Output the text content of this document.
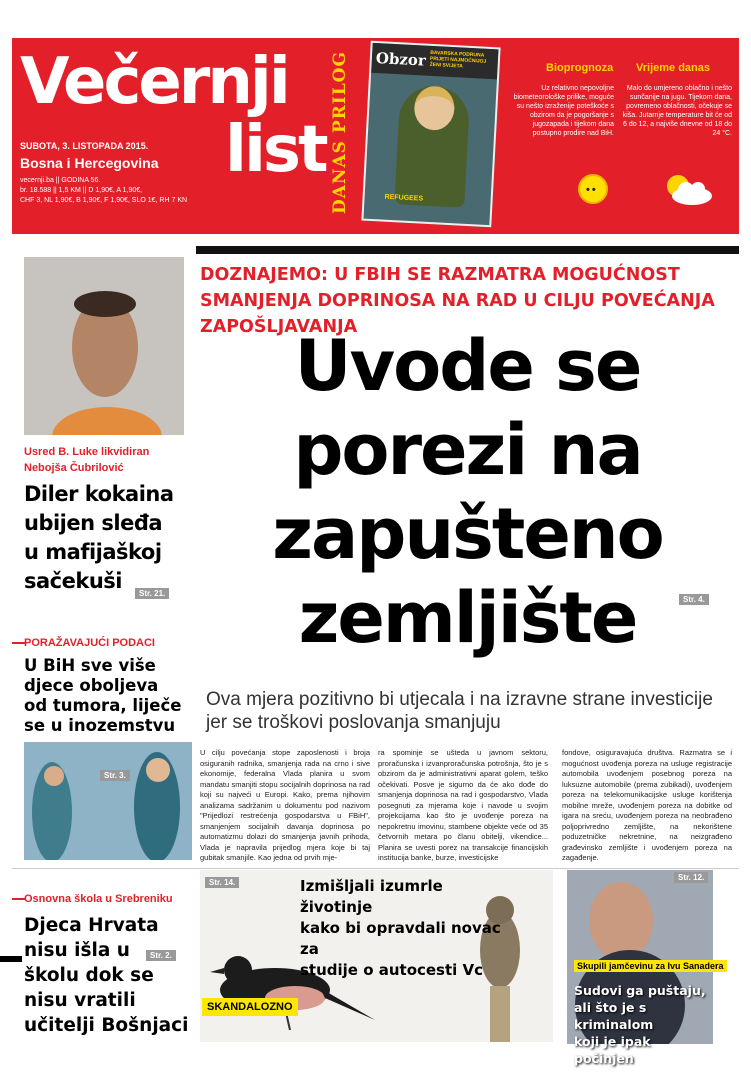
Večernji
list
SUBOTA, 3. LISTOPADA 2015.
Bosna i Hercegovina
vecernji.ba || GODINA 56.
br. 18.588 || 1,5 KM || D 1,90€, A 1,90€,
CHF 3, NL 1,90€, B 1,90€, F 1,90€, SLO 1€, RH 7 KN	DANAS PRILOG Obzor BAVARSKA PODRUNA PRIJETI NAJMOĆNIJOJ ŽENI SVIJETA
REFUGEES
Bioprognoza
Uz relativno nepovoljne biometeorološke prilike, moguće su nešto izraženije poteškoće s obzirom da je pogoršanje s jugozapada i tijekom dana postupno prodire nad BiH.
Vrijeme danas
Malo do umjereno oblačno i nešto sunčanije na jugu. Tijekom dana, povremeno oblačnosti, očekuje se kiša. Jutarnje temperature bit će od 6 do 12, a najviše dnevne od 18 do 24 °C.
••
DOZNAJEMO: U FBIH SE RAZMATRA MOGUĆNOST SMANJENJA DOPRINOSA NA RAD U CILJU POVEĆANJA ZAPOŠLJAVANJA
Uvode se
porezi na
zapušteno
zemljište	Str. 4.
Ova mjera pozitivno bi utjecala i na izravne strane investicije jer se troškovi poslovanja smanjuju
U cilju povećanja stope zaposlenosti i broja osiguranih radnika, smanjenja rada na crno i sive ekonomije, federalna Vlada planira u svom mandatu smanjiti stopu socijalnih doprinosa na rad koji su najveći u Europi. Kako, prema njihovim analizama sadržanim u dokumentu pod nazivom "Prijedlozi restrećenja gospodarstva u FBiH", smanjenjem socijalnih davanja doprinosa po automatizmu dolazi do smanjenja javnih prihoda, Vlada je napravila prijedlog mjera koje bi taj gubitak smanjile. Kao jedna od prvih mje-
ra spominje se ušteda u javnom sektoru, proračunska i izvanproračunska potrošnja, što je s obzirom da je administrativni aparat golem, teško očekivati. Posve je sigurno da će ako dođe do smanjenja doprinosa na rad i gospodarstvo, Vlada posegnuti za mjerama koje i navode u svojim projekcijama kao što je uvođenje poreza na nepokretnu imovinu, stambene objekte veće od 35 četvornih metara po članu obitelji, vikendice... Planira se uvesti porez na transakcije financijskih institucija banke, burze, investicijske
fondove, osiguravajuća društva. Razmatra se i mogućnost uvođenja poreza na usluge registracije automobila uvođenjem posebnog poreza na luksuzne automobile (prema zubikadi), uvođenjem poreza na telekomunikacijske usluge korištenja mobilne mreže, uvođenjem poreza na dobitke od igara na sreću, uvođenjem poreza na neobrađeno poljoprivredno zemljište, na nekorištene poduzetničke nekretnine, na neizgrađeno građevinsko zemljište i uvođenjem poreza na zagađenje.
Usred B. Luke likvidiran Nebojša Čubrilović
Diler kokaina
ubijen sleđa
u mafijaškoj
sačekuši
Str. 21.
PORAŽAVAJUĆI PODACI
U BiH sve više
djece oboljeva
od tumora, liječe
se u inozemstvu
Str. 3.
Osnovna škola u Srebreniku
Djeca Hrvata
nisu išla u
školu dok se
nisu vratili
učitelji Bošnjaci
Str. 2.
Str. 14.	Izmišljali izumrle životinje
kako bi opravdali novac za
studije o autocesti Vc
SKANDALOZNO
Str. 12.
Skupili jamčevinu za Ivu Sanadera
Sudovi ga puštaju,
ali što je s kriminalom
koji je ipak počinjen
